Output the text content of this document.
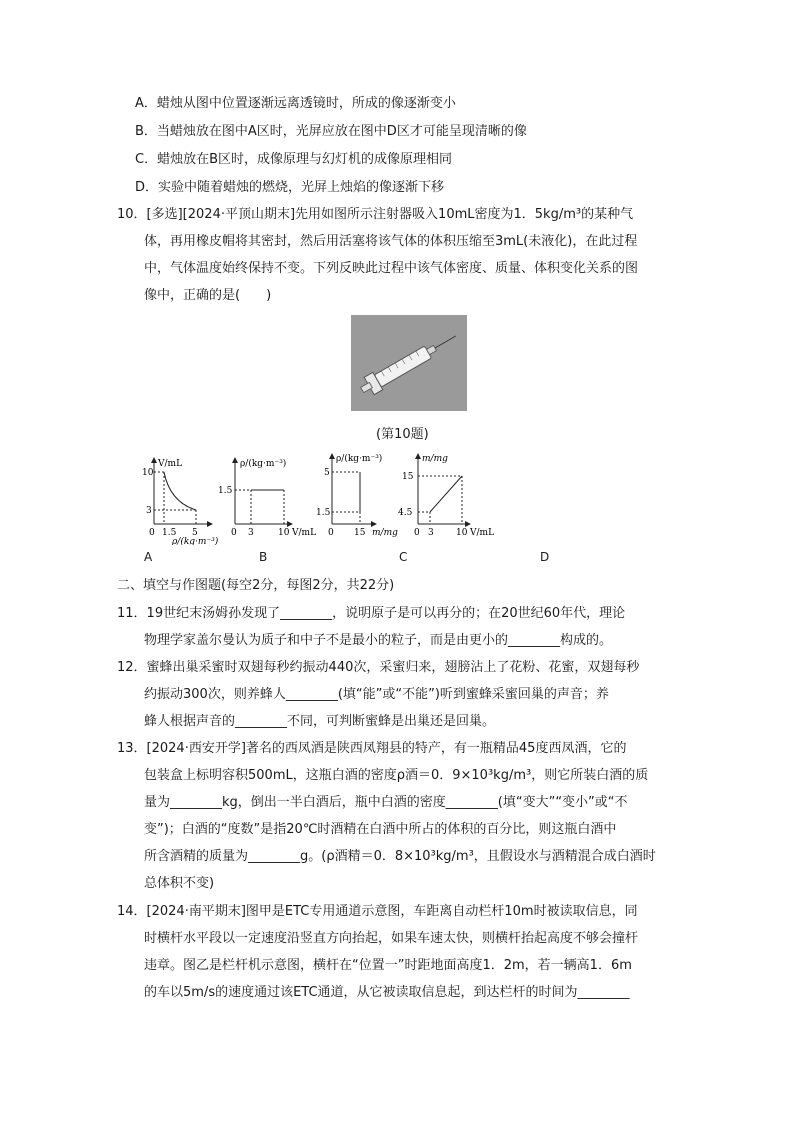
A．蜡烛从图中位置逐渐远离透镜时，所成的像逐渐变小
B．当蜡烛放在图中A区时，光屏应放在图中D区才可能呈现清晰的像
C．蜡烛放在B区时，成像原理与幻灯机的成像原理相同
D．实验中随着蜡烛的燃烧，光屏上烛焰的像逐渐下移
10．[多选][2024·平顶山期末]先用如图所示注射器吸入10mL密度为1．5kg/m³的某种气
体，再用橡皮帽将其密封，然后用活塞将该气体的体积压缩至3mL(未液化)，在此过程
中，气体温度始终保持不变。下列反映此过程中该气体密度、质量、体积变化关系的图
像中，正确的是(　　)
(第10题)
V/mL
10
3
0 1.5 5
ρ/(kg·m⁻³)
ρ/(kg·m⁻³)
1.5
0 3	10 V/mL
ρ/(kg·m⁻³)
5
1.5
0 15 m/mg
m/mg
15
4.5
0 3 10 V/mL
A	B	C	D
二、填空与作图题(每空2分，每图2分，共22分)
11．19世纪末汤姆孙发现了________，说明原子是可以再分的；在20世纪60年代，理论
物理学家盖尔曼认为质子和中子不是最小的粒子，而是由更小的________构成的。
12．蜜蜂出巢采蜜时双翅每秒约振动440次，采蜜归来，翅膀沾上了花粉、花蜜，双翅每秒
约振动300次，则养蜂人________(填“能”或“不能”)听到蜜蜂采蜜回巢的声音；养
蜂人根据声音的________不同，可判断蜜蜂是出巢还是回巢。
13．[2024·西安开学]著名的西凤酒是陕西凤翔县的特产，有一瓶精品45度西凤酒，它的
包装盒上标明容积500mL，这瓶白酒的密度ρ酒＝0．9×10³kg/m³，则它所装白酒的质
量为________kg，倒出一半白酒后，瓶中白酒的密度________(填“变大”“变小”或“不
变”)；白酒的“度数”是指20℃时酒精在白酒中所占的体积的百分比，则这瓶白酒中
所含酒精的质量为________g。(ρ酒精＝0．8×10³kg/m³，且假设水与酒精混合成白酒时
总体积不变)
14．[2024·南平期末]图甲是ETC专用通道示意图，车距离自动栏杆10m时被读取信息，同
时横杆水平段以一定速度沿竖直方向抬起，如果车速太快，则横杆抬起高度不够会撞杆
违章。图乙是栏杆机示意图，横杆在“位置一”时距地面高度1．2m，若一辆高1．6m
的车以5m/s的速度通过该ETC通道，从它被读取信息起，到达栏杆的时间为________
